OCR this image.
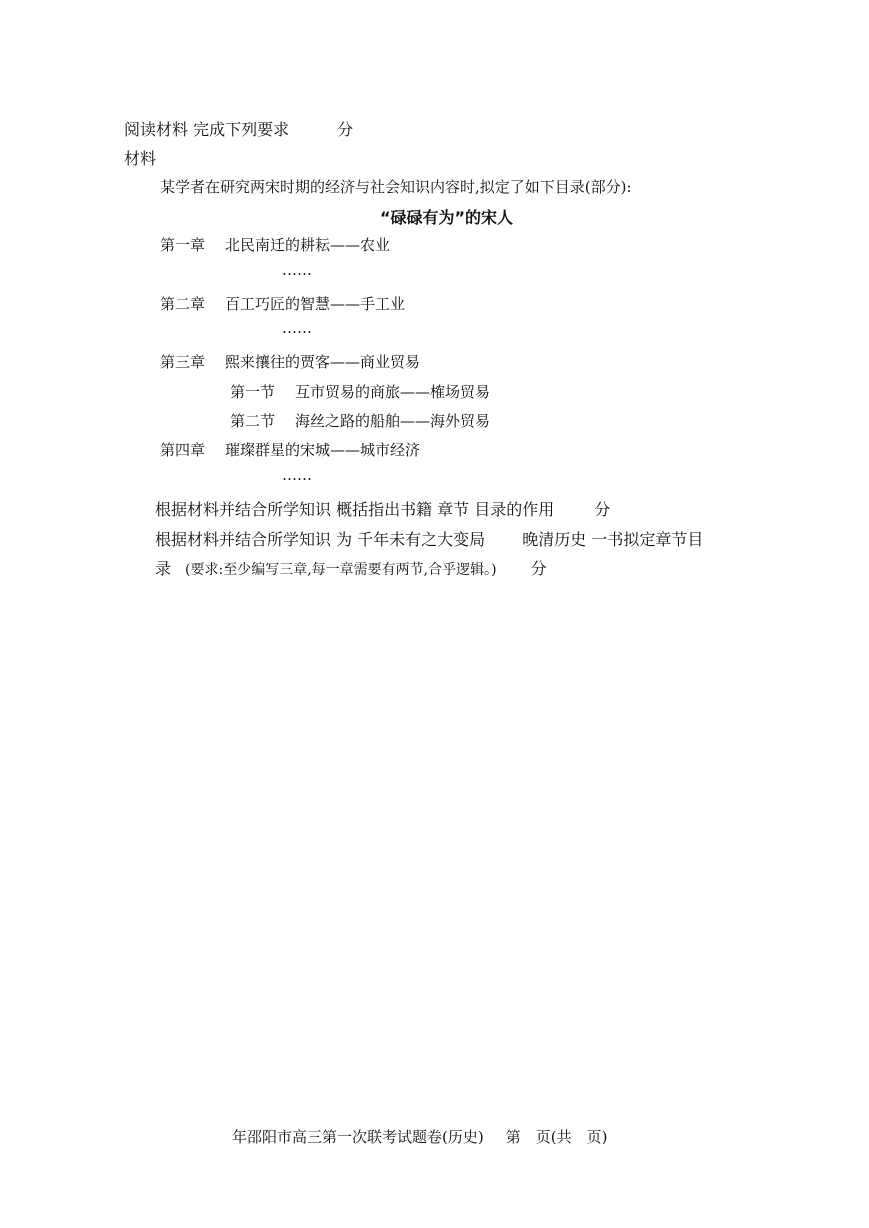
阅读材料 完成下列要求	分
材料
某学者在研究两宋时期的经济与社会知识内容时,拟定了如下目录(部分):
“碌碌有为”的宋人
第一章 北民南迁的耕耘——农业
……
第二章 百工巧匠的智慧——手工业
……
第三章 熙来攘往的贾客——商业贸易
第一节 互市贸易的商旅——榷场贸易
第二节 海丝之路的船舶——海外贸易
第四章 璀璨群星的宋城——城市经济
……
根据材料并结合所学知识 概括指出书籍 章节 目录的作用	分
根据材料并结合所学知识 为 千年未有之大变局　　 晚清历史 一书拟定章节目
录 (要求:至少编写三章,每一章需要有两节,合乎逻辑。) 分
年邵阳市高三第一次联考试题卷(历史) 第　页(共　页)
